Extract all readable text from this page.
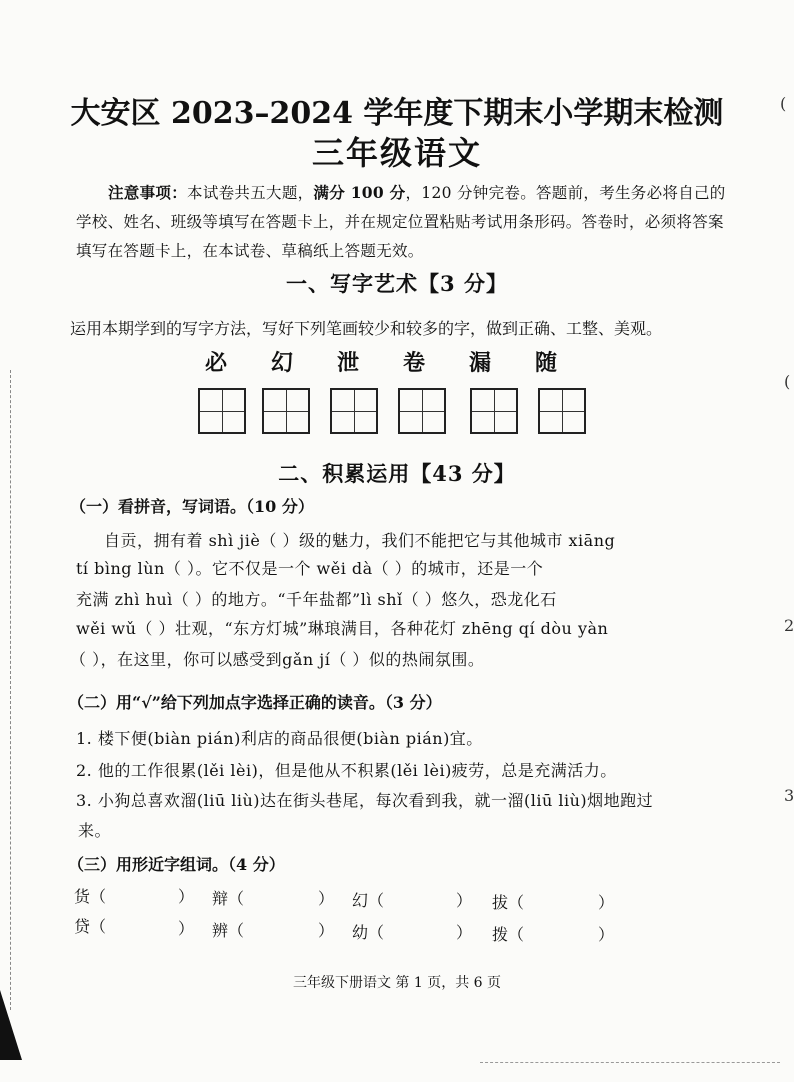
大安区 2023–2024 学年度下期末小学期末检测
三年级语文
注意事项：本试卷共五大题，满分 100 分，120 分钟完卷。答题前，考生务必将自己的学校、姓名、班级等填写在答题卡上，并在规定位置粘贴考试用条形码。答卷时，必须将答案填写在答题卡上，在本试卷、草稿纸上答题无效。
一、写字艺术【3 分】
运用本期学到的写字方法，写好下列笔画较少和较多的字，做到正确、工整、美观。
必 幻 泄 卷 漏 随
二、积累运用【43 分】
（一）看拼音，写词语。（10 分）
自贡，拥有着 shì jiè（ ）级的魅力，我们不能把它与其他城市 xiāng
tí bìng lùn（ ）。它不仅是一个 wěi dà（ ）的城市，还是一个
充满 zhì huì（ ）的地方。“千年盐都”lì shǐ（ ）悠久，恐龙化石
wěi wǔ（ ）壮观，“东方灯城”琳琅满目，各种花灯 zhēng qí dòu yàn
（ ），在这里，你可以感受到gǎn jí（ ）似的热闹氛围。
（二）用“√”给下列加点字选择正确的读音。（3 分）
1. 楼下便(biàn pián)利店的商品很便(biàn pián)宜。
2. 他的工作很累(lěi lèi)，但是他从不积累(lěi lèi)疲劳，总是充满活力。
3. 小狗总喜欢溜(liū liù)达在街头巷尾，每次看到我，就一溜(liū liù)烟地跑过
来。
（三）用形近字组词。（4 分）
货（	） 辩（	） 幻（	） 拔（	）
贷（	） 辨（	） 幼（	） 拨（	）
三年级下册语文 第 1 页，共 6 页
(
(
2
3
